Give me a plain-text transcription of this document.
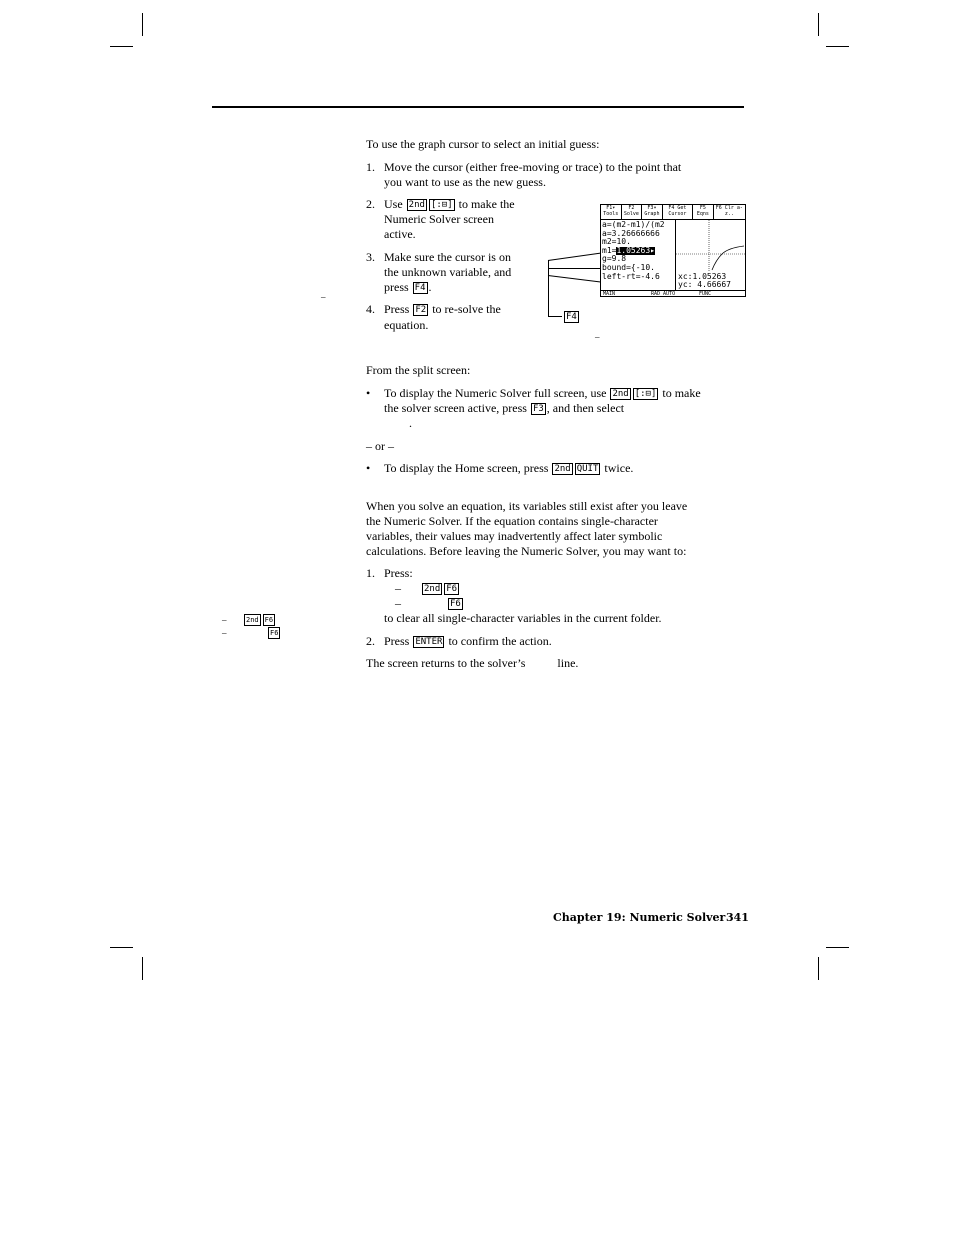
To use the graph cursor to select an initial guess:
1. Move the cursor (either free-moving or trace) to the point that
you want to use as the new guess.
2. Use 2nd [:⊟] to make the
Numeric Solver screen
active.
3. Make sure the cursor is on
the unknown variable, and
press F4 .
4. Press F2 to re-solve the
equation.
–
–
F1▾ Tools
F2 Solve
F3▾ Graph
F4 Get Cursor
F5 Eqns
F6 Clr a-z..
a=(m2-m1)/(m2
a=3.26666666
m2=10.
m1=1.05263▸
g=9.8
bound={-10.
left-rt=-4.6	xc:1.05263
yc: 4.66667
MAIN	RAD AUTO	FUNC
F4
From the split screen:
• To display the Numeric Solver full screen, use 2nd [:⊟] to make
the solver screen active, press F3 , and then select
.
– or –
• To display the Home screen, press 2nd QUIT twice.
When you solve an equation, its variables still exist after you leave
the Numeric Solver. If the equation contains single-character
variables, their values may inadvertently affect later symbolic
calculations. Before leaving the Numeric Solver, you may want to:
1. Press:
–	2nd F6
–	F6
to clear all single-character variables in the current folder.
2. Press ENTER to confirm the action.
The screen returns to the solver’s	line.
–	2nd F6
–	F6
Chapter 19: Numeric Solver 341
